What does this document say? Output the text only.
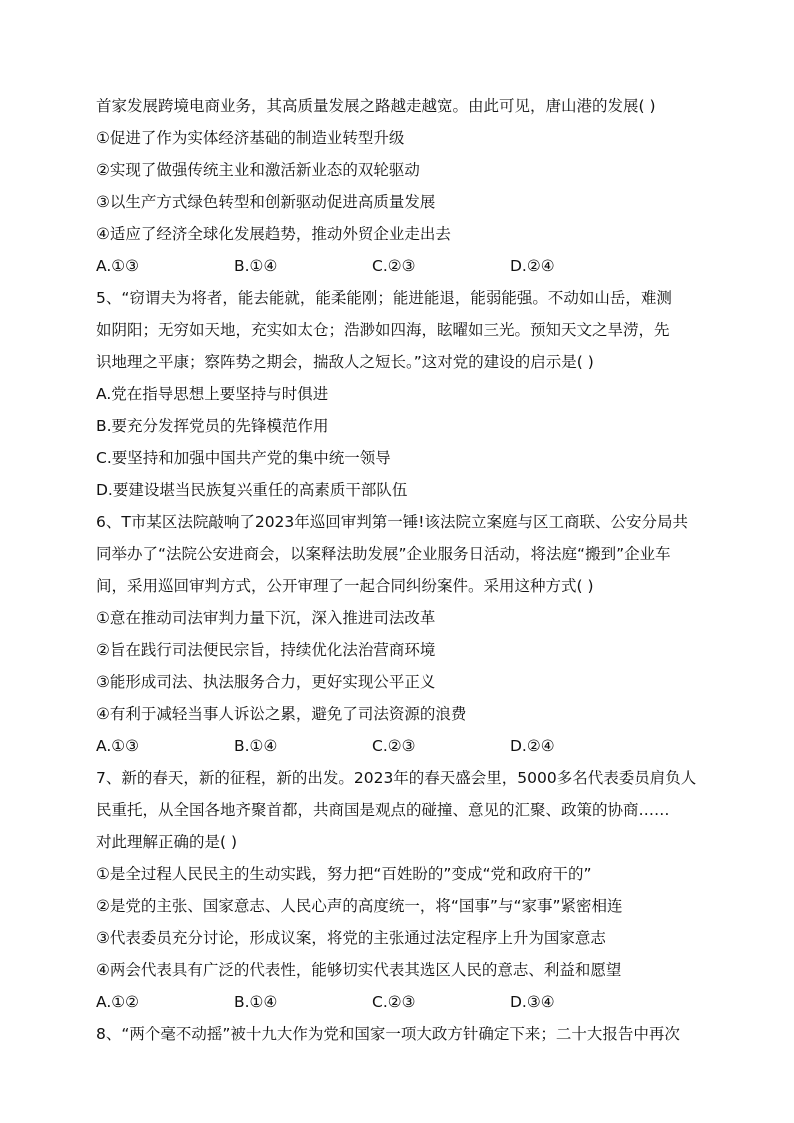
首家发展跨境电商业务，其高质量发展之路越走越宽。由此可见，唐山港的发展( )
①促进了作为实体经济基础的制造业转型升级
②实现了做强传统主业和激活新业态的双轮驱动
③以生产方式绿色转型和创新驱动促进高质量发展
④适应了经济全球化发展趋势，推动外贸企业走出去
A.①③	B.①④	C.②③	D.②④
5、“窃谓夫为将者，能去能就，能柔能刚；能进能退，能弱能强。不动如山岳，难测
如阴阳；无穷如天地，充实如太仓；浩渺如四海，眩曜如三光。预知天文之旱涝，先
识地理之平康；察阵势之期会，揣敌人之短长。”这对党的建设的启示是( )
A.党在指导思想上要坚持与时俱进
B.要充分发挥党员的先锋模范作用
C.要坚持和加强中国共产党的集中统一领导
D.要建设堪当民族复兴重任的高素质干部队伍
6、T市某区法院敲响了2023年巡回审判第一锤!该法院立案庭与区工商联、公安分局共
同举办了“法院公安进商会，以案释法助发展”企业服务日活动，将法庭“搬到”企业车
间，采用巡回审判方式，公开审理了一起合同纠纷案件。采用这种方式( )
①意在推动司法审判力量下沉，深入推进司法改革
②旨在践行司法便民宗旨，持续优化法治营商环境
③能形成司法、执法服务合力，更好实现公平正义
④有利于减轻当事人诉讼之累，避免了司法资源的浪费
A.①③	B.①④	C.②③	D.②④
7、新的春天，新的征程，新的出发。2023年的春天盛会里，5000多名代表委员肩负人
民重托，从全国各地齐聚首都，共商国是观点的碰撞、意见的汇聚、政策的协商……
对此理解正确的是( )
①是全过程人民民主的生动实践，努力把“百姓盼的”变成“党和政府干的”
②是党的主张、国家意志、人民心声的高度统一，将“国事”与“家事”紧密相连
③代表委员充分讨论，形成议案，将党的主张通过法定程序上升为国家意志
④两会代表具有广泛的代表性，能够切实代表其选区人民的意志、利益和愿望
A.①②	B.①④	C.②③	D.③④
8、“两个毫不动摇”被十九大作为党和国家一项大政方针确定下来；二十大报告中再次
